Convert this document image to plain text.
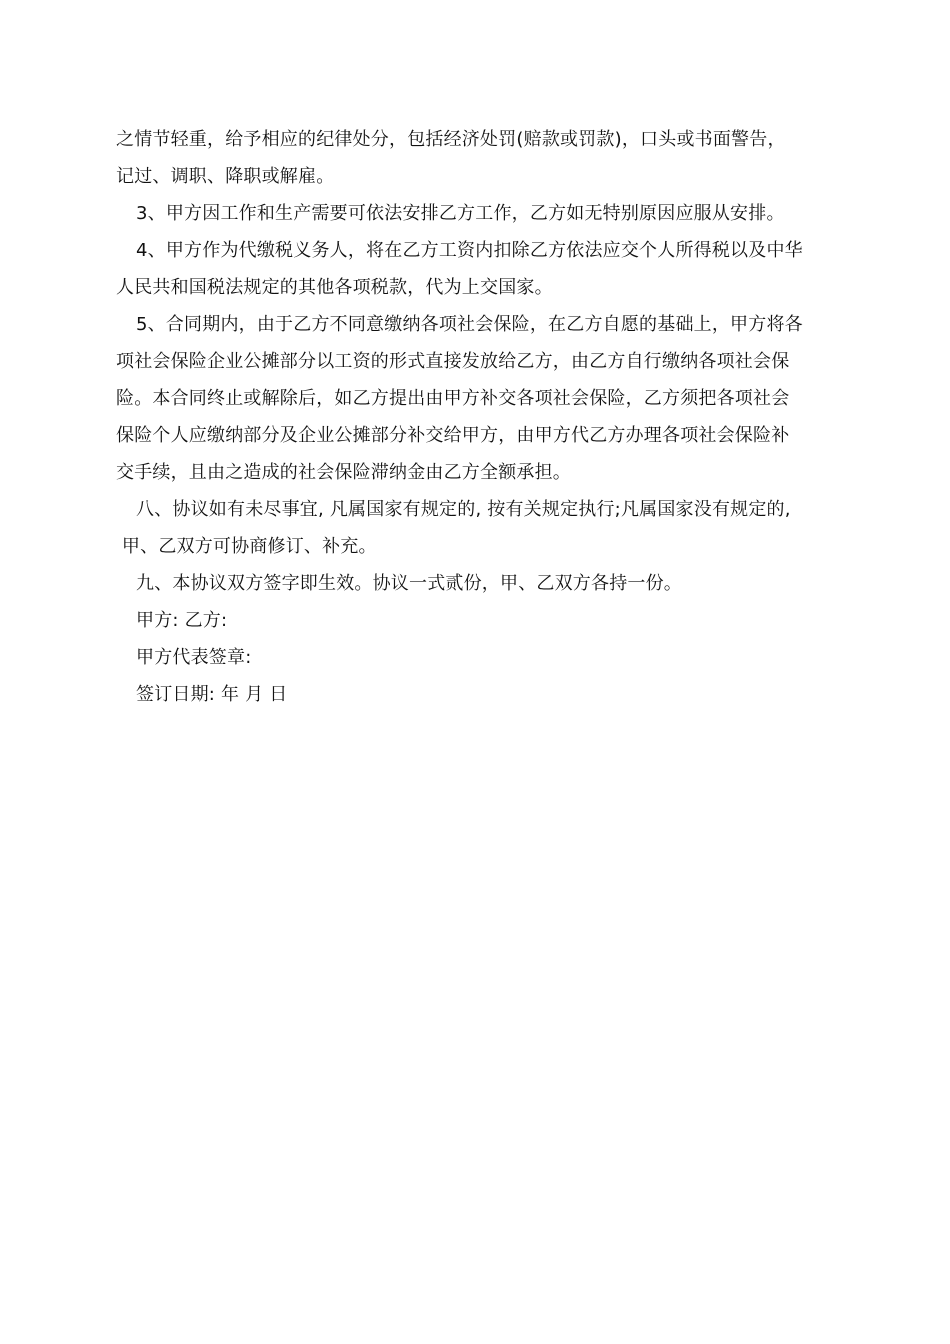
之情节轻重，给予相应的纪律处分，包括经济处罚(赔款或罚款)，口头或书面警告，
记过、调职、降职或解雇。
3、甲方因工作和生产需要可依法安排乙方工作，乙方如无特别原因应服从安排。
4、甲方作为代缴税义务人，将在乙方工资内扣除乙方依法应交个人所得税以及中华
人民共和国税法规定的其他各项税款，代为上交国家。
5、合同期内，由于乙方不同意缴纳各项社会保险，在乙方自愿的基础上，甲方将各
项社会保险企业公摊部分以工资的形式直接发放给乙方，由乙方自行缴纳各项社会保
险。本合同终止或解除后，如乙方提出由甲方补交各项社会保险，乙方须把各项社会
保险个人应缴纳部分及企业公摊部分补交给甲方，由甲方代乙方办理各项社会保险补
交手续，且由之造成的社会保险滞纳金由乙方全额承担。
八、协议如有未尽事宜, 凡属国家有规定的, 按有关规定执行;凡属国家没有规定的,
甲、乙双方可协商修订、补充。
九、本协议双方签字即生效。协议一式贰份，甲、乙双方各持一份。
甲方: 乙方:
甲方代表签章:
签订日期: 年 月 日
